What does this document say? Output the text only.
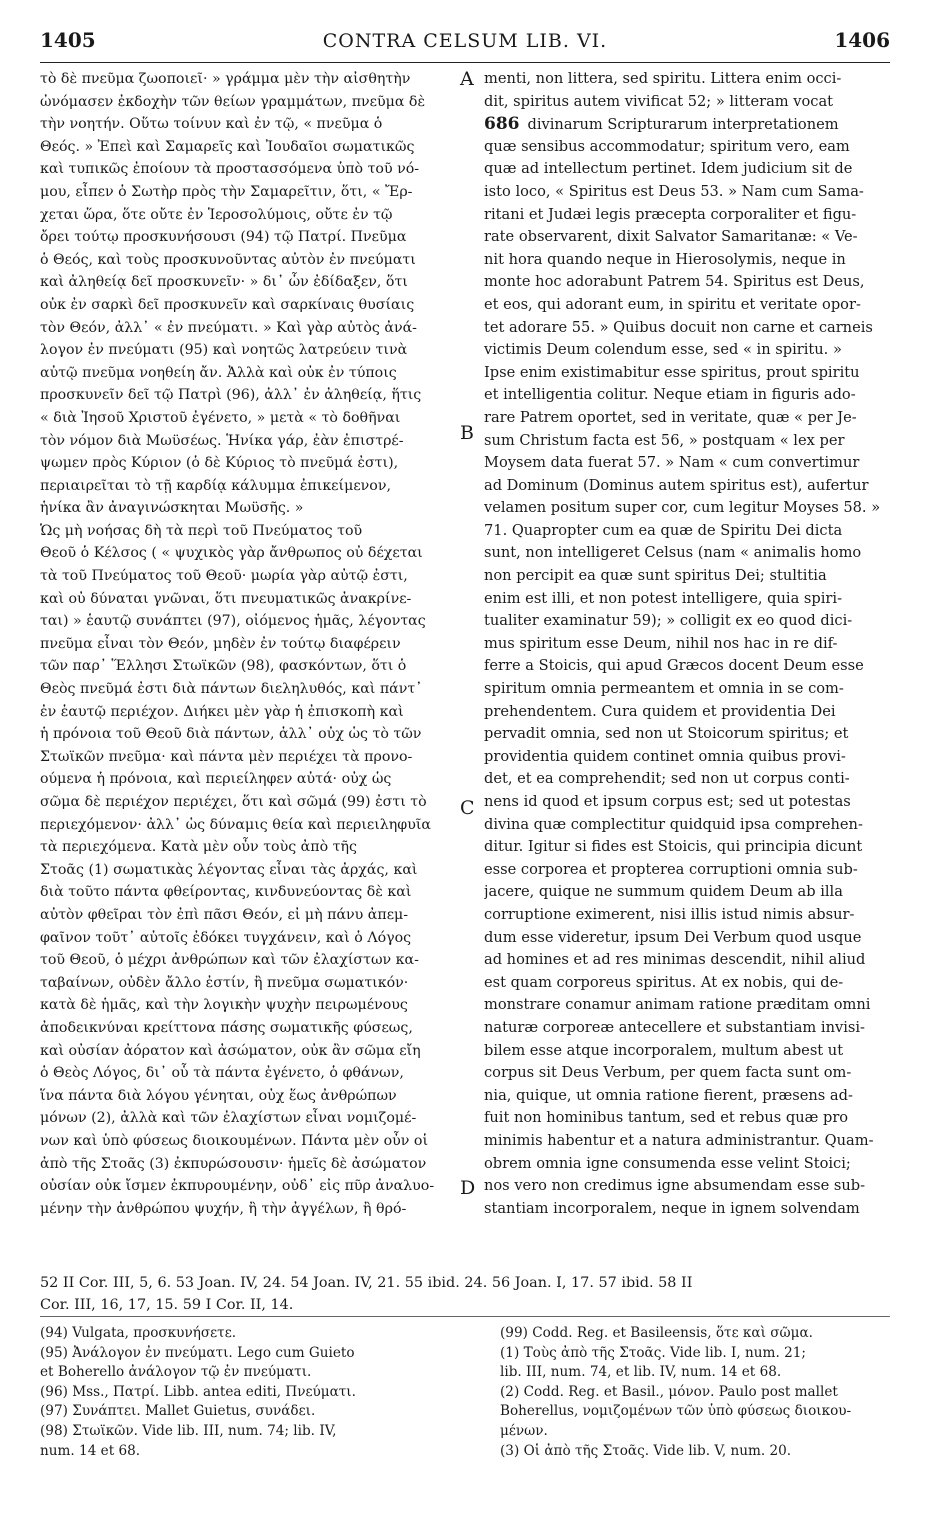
1405	CONTRA CELSUM LIB. VI.	1406
τὸ δὲ πνεῦμα ζωοποιεῖ· » γράμμα μὲν τὴν αἰσθητὴν
ὠνόμασεν ἐκδοχὴν τῶν θείων γραμμάτων, πνεῦμα δὲ
τὴν νοητήν. Οὕτω τοίνυν καὶ ἐν τῷ, « πνεῦμα ὁ
Θεός. » Ἐπεὶ καὶ Σαμαρεῖς καὶ Ἰουδαῖοι σωματικῶς
καὶ τυπικῶς ἐποίουν τὰ προστασσόμενα ὑπὸ τοῦ νό-
μου, εἶπεν ὁ Σωτὴρ πρὸς τὴν Σαμαρεῖτιν, ὅτι, « Ἔρ-
χεται ὥρα, ὅτε οὔτε ἐν Ἱεροσολύμοις, οὔτε ἐν τῷ
ὄρει τούτῳ προσκυνήσουσι (94) τῷ Πατρί. Πνεῦμα
ὁ Θεός, καὶ τοὺς προσκυνοῦντας αὐτὸν ἐν πνεύματι
καὶ ἀληθείᾳ δεῖ προσκυνεῖν· » δι᾽ ὧν ἐδίδαξεν, ὅτι
οὐκ ἐν σαρκὶ δεῖ προσκυνεῖν καὶ σαρκίναις θυσίαις
τὸν Θεόν, ἀλλ᾽ « ἐν πνεύματι. » Καὶ γὰρ αὐτὸς ἀνά-
λογον ἐν πνεύματι (95) καὶ νοητῶς λατρεύειν τινὰ
αὐτῷ πνεῦμα νοηθείη ἄν. Ἀλλὰ καὶ οὐκ ἐν τύποις
προσκυνεῖν δεῖ τῷ Πατρὶ (96), ἀλλ᾽ ἐν ἀληθείᾳ, ἥτις
« διὰ Ἰησοῦ Χριστοῦ ἐγένετο, » μετὰ « τὸ δοθῆναι
τὸν νόμον διὰ Μωϋσέως. Ἡνίκα γάρ, ἐὰν ἐπιστρέ-
ψωμεν πρὸς Κύριον (ὁ δὲ Κύριος τὸ πνεῦμά ἐστι),
περιαιρεῖται τὸ τῇ καρδίᾳ κάλυμμα ἐπικείμενον,
ἡνίκα ἂν ἀναγινώσκηται Μωϋσῆς. »
Ὡς μὴ νοήσας δὴ τὰ περὶ τοῦ Πνεύματος τοῦ
Θεοῦ ὁ Κέλσος ( « ψυχικὸς γὰρ ἄνθρωπος οὐ δέχεται
τὰ τοῦ Πνεύματος τοῦ Θεοῦ· μωρία γὰρ αὐτῷ ἐστι,
καὶ οὐ δύναται γνῶναι, ὅτι πνευματικῶς ἀνακρίνε-
ται) » ἑαυτῷ συνάπτει (97), οἰόμενος ἡμᾶς, λέγοντας
πνεῦμα εἶναι τὸν Θεόν, μηδὲν ἐν τούτῳ διαφέρειν
τῶν παρ᾽ Ἕλλησι Στωϊκῶν (98), φασκόντων, ὅτι ὁ
Θεὸς πνεῦμά ἐστι διὰ πάντων διεληλυθός, καὶ πάντ᾽
ἐν ἑαυτῷ περιέχον. Διήκει μὲν γὰρ ἡ ἐπισκοπὴ καὶ
ἡ πρόνοια τοῦ Θεοῦ διὰ πάντων, ἀλλ᾽ οὐχ ὡς τὸ τῶν
Στωϊκῶν πνεῦμα· καὶ πάντα μὲν περιέχει τὰ προνο-
ούμενα ἡ πρόνοια, καὶ περιείληφεν αὐτά· οὐχ ὡς
σῶμα δὲ περιέχον περιέχει, ὅτι καὶ σῶμά (99) ἐστι τὸ
περιεχόμενον· ἀλλ᾽ ὡς δύναμις θεία καὶ περιειληφυῖα
τὰ περιεχόμενα. Κατὰ μὲν οὖν τοὺς ἀπὸ τῆς
Στοᾶς (1) σωματικὰς λέγοντας εἶναι τὰς ἀρχάς, καὶ
διὰ τοῦτο πάντα φθείροντας, κινδυνεύοντας δὲ καὶ
αὐτὸν φθεῖραι τὸν ἐπὶ πᾶσι Θεόν, εἰ μὴ πάνυ ἀπεμ-
φαῖνον τοῦτ᾽ αὐτοῖς ἐδόκει τυγχάνειν, καὶ ὁ Λόγος
τοῦ Θεοῦ, ὁ μέχρι ἀνθρώπων καὶ τῶν ἐλαχίστων κα-
ταβαίνων, οὐδὲν ἄλλο ἐστίν, ἢ πνεῦμα σωματικόν·
κατὰ δὲ ἡμᾶς, καὶ τὴν λογικὴν ψυχὴν πειρωμένους
ἀποδεικνύναι κρείττονα πάσης σωματικῆς φύσεως,
καὶ οὐσίαν ἀόρατον καὶ ἀσώματον, οὐκ ἂν σῶμα εἴη
ὁ Θεὸς Λόγος, δι᾽ οὗ τὰ πάντα ἐγένετο, ὁ φθάνων,
ἵνα πάντα διὰ λόγου γένηται, οὐχ ἕως ἀνθρώπων
μόνων (2), ἀλλὰ καὶ τῶν ἐλαχίστων εἶναι νομιζομέ-
νων καὶ ὑπὸ φύσεως διοικουμένων. Πάντα μὲν οὖν οἱ
ἀπὸ τῆς Στοᾶς (3) ἐκπυρώσουσιν· ἡμεῖς δὲ ἀσώματον
οὐσίαν οὐκ ἴσμεν ἐκπυρουμένην, οὐδ᾽ εἰς πῦρ ἀναλυο-
μένην τὴν ἀνθρώπου ψυχήν, ἢ τὴν ἀγγέλων, ἢ θρό-
menti, non littera, sed spiritu. Littera enim occi-
dit, spiritus autem vivificat 52; » litteram vocat
686 divinarum Scripturarum interpretationem
quæ sensibus accommodatur; spiritum vero, eam
quæ ad intellectum pertinet. Idem judicium sit de
isto loco, « Spiritus est Deus 53. » Nam cum Sama-
ritani et Judæi legis præcepta corporaliter et figu-
rate observarent, dixit Salvator Samaritanæ: « Ve-
nit hora quando neque in Hierosolymis, neque in
monte hoc adorabunt Patrem 54. Spiritus est Deus,
et eos, qui adorant eum, in spiritu et veritate opor-
tet adorare 55. » Quibus docuit non carne et carneis
victimis Deum colendum esse, sed « in spiritu. »
Ipse enim existimabitur esse spiritus, prout spiritu
et intelligentia colitur. Neque etiam in figuris ado-
rare Patrem oportet, sed in veritate, quæ « per Je-
sum Christum facta est 56, » postquam « lex per
Moysem data fuerat 57. » Nam « cum convertimur
ad Dominum (Dominus autem spiritus est), aufertur
velamen positum super cor, cum legitur Moyses 58. »
71. Quapropter cum ea quæ de Spiritu Dei dicta
sunt, non intelligeret Celsus (nam « animalis homo
non percipit ea quæ sunt spiritus Dei; stultitia
enim est illi, et non potest intelligere, quia spiri-
tualiter examinatur 59); » colligit ex eo quod dici-
mus spiritum esse Deum, nihil nos hac in re dif-
ferre a Stoicis, qui apud Græcos docent Deum esse
spiritum omnia permeantem et omnia in se com-
prehendentem. Cura quidem et providentia Dei
pervadit omnia, sed non ut Stoicorum spiritus; et
providentia quidem continet omnia quibus provi-
det, et ea comprehendit; sed non ut corpus conti-
nens id quod et ipsum corpus est; sed ut potestas
divina quæ complectitur quidquid ipsa comprehen-
ditur. Igitur si fides est Stoicis, qui principia dicunt
esse corporea et propterea corruptioni omnia sub-
jacere, quique ne summum quidem Deum ab illa
corruptione eximerent, nisi illis istud nimis absur-
dum esse videretur, ipsum Dei Verbum quod usque
ad homines et ad res minimas descendit, nihil aliud
est quam corporeus spiritus. At ex nobis, qui de-
monstrare conamur animam ratione præditam omni
naturæ corporeæ antecellere et substantiam invisi-
bilem esse atque incorporalem, multum abest ut
corpus sit Deus Verbum, per quem facta sunt om-
nia, quique, ut omnia ratione fierent, præsens ad-
fuit non hominibus tantum, sed et rebus quæ pro
minimis habentur et a natura administrantur. Quam-
obrem omnia igne consumenda esse velint Stoici;
nos vero non credimus igne absumendam esse sub-
stantiam incorporalem, neque in ignem solvendam
A
B
C
D
52 II Cor. III, 5, 6. 53 Joan. IV, 24. 54 Joan. IV, 21. 55 ibid. 24. 56 Joan. I, 17. 57 ibid. 58 II
Cor. III, 16, 17, 15. 59 I Cor. II, 14.
(94) Vulgata, προσκυνήσετε.
(95) Ἀνάλογον ἐν πνεύματι. Lego cum Guieto
et Boherello ἀνάλογον τῷ ἐν πνεύματι.
(96) Mss., Πατρί. Libb. antea editi, Πνεύματι.
(97) Συνάπτει. Mallet Guietus, συνάδει.
(98) Στωϊκῶν. Vide lib. III, num. 74; lib. IV,
num. 14 et 68.
(99) Codd. Reg. et Basileensis, ὅτε καὶ σῶμα.
(1) Τοὺς ἀπὸ τῆς Στοᾶς. Vide lib. I, num. 21;
lib. III, num. 74, et lib. IV, num. 14 et 68.
(2) Codd. Reg. et Basil., μόνον. Paulo post mallet
Boherellus, νομιζομένων τῶν ὑπὸ φύσεως διοικου-
μένων.
(3) Οἱ ἀπὸ τῆς Στοᾶς. Vide lib. V, num. 20.
